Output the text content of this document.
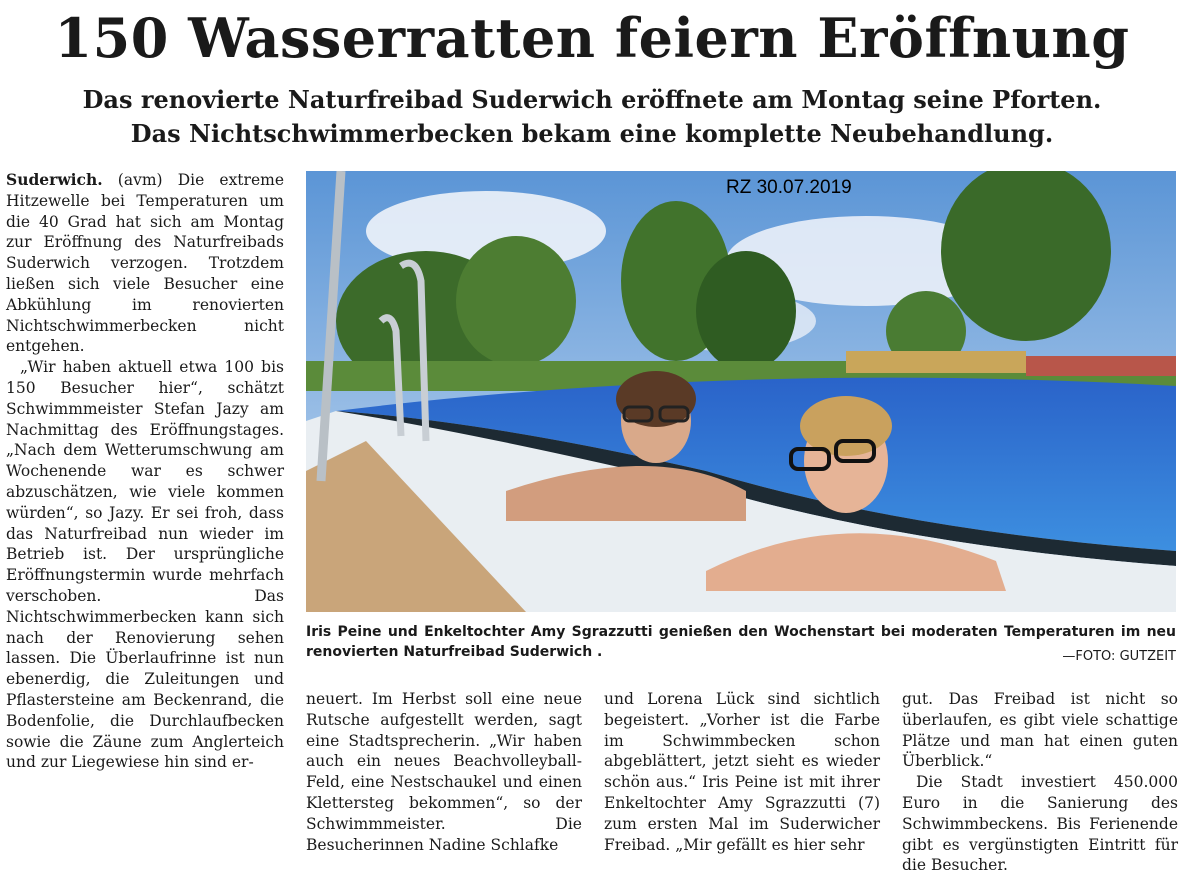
150 Wasserratten feiern Eröffnung
Das renovierte Naturfreibad Suderwich eröffnete am Montag seine Pforten.
Das Nichtschwimmerbecken bekam eine komplette Neubehandlung.

Suderwich. (avm) Die extreme Hitzewelle bei Temperaturen um die 40 Grad hat sich am Montag zur Eröffnung des Naturfreibads Suderwich verzogen. Trotzdem ließen sich viele Besucher eine Abkühlung im renovierten Nichtschwimmerbecken nicht entgehen.

„Wir haben aktuell etwa 100 bis 150 Besucher hier“, schätzt Schwimmmeister Stefan Jazy am Nachmittag des Eröffnungstages. „Nach dem Wetterumschwung am Wochenende war es schwer abzuschätzen, wie viele kommen würden“, so Jazy. Er sei froh, dass das Naturfreibad nun wieder im Betrieb ist. Der ursprüngliche Eröffnungstermin wurde mehrfach verschoben. Das Nichtschwimmerbecken kann sich nach der Renovierung sehen lassen. Die Überlaufrinne ist nun ebenerdig, die Zuleitungen und Pflastersteine am Beckenrand, die Bodenfolie, die Durchlaufbecken sowie die Zäune zum Anglerteich und zur Liegewiese hin sind er-

RZ 30.07.2019
Iris Peine und Enkeltochter Amy Sgrazzutti genießen den Wochenstart bei moderaten Temperaturen im neu renovierten Naturfreibad Suderwich .	—FOTO: GUTZEIT

neuert. Im Herbst soll eine neue Rutsche aufgestellt werden, sagt eine Stadtsprecherin. „Wir haben auch ein neues Beachvolleyball-Feld, eine Nestschaukel und einen Klettersteg bekommen“, so der Schwimmmeister. Die Besucherinnen Nadine Schlafke

und Lorena Lück sind sichtlich begeistert. „Vorher ist die Farbe im Schwimmbecken schon abgeblättert, jetzt sieht es wieder schön aus.“ Iris Peine ist mit ihrer Enkeltochter Amy Sgrazzutti (7) zum ersten Mal im Suderwicher Freibad. „Mir gefällt es hier sehr

gut. Das Freibad ist nicht so überlaufen, es gibt viele schattige Plätze und man hat einen guten Überblick.“

Die Stadt investiert 450.000 Euro in die Sanierung des Schwimmbeckens. Bis Ferienende gibt es vergünstigten Eintritt für die Besucher.
